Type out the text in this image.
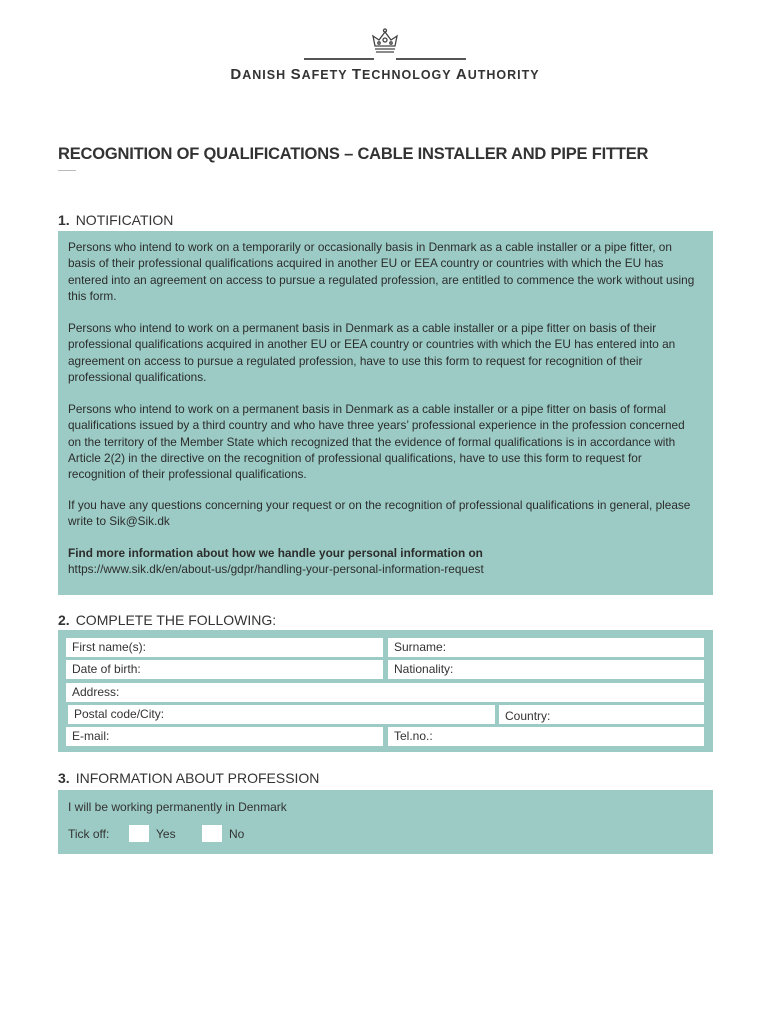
DANISH SAFETY TECHNOLOGY AUTHORITY
RECOGNITION OF QUALIFICATIONS – CABLE INSTALLER AND PIPE FITTER
1. NOTIFICATION
Persons who intend to work on a temporarily or occasionally basis in Denmark as a cable installer or a pipe fitter, on basis of their professional qualifications acquired in another EU or EEA country or countries with which the EU has entered into an agreement on access to pursue a regulated profession, are entitled to commence the work without using this form.
Persons who intend to work on a permanent basis in Denmark as a cable installer or a pipe fitter on basis of their professional qualifications acquired in another EU or EEA country or countries with which the EU has entered into an agreement on access to pursue a regulated profession, have to use this form to request for recognition of their professional qualifications.
Persons who intend to work on a permanent basis in Denmark as a cable installer or a pipe fitter on basis of formal qualifications issued by a third country and who have three years’ professional experience in the profession concerned on the territory of the Member State which recognized that the evidence of formal qualifications is in accordance with Article 2(2) in the directive on the recognition of professional qualifications, have to use this form to request for recognition of their professional qualifications.
If you have any questions concerning your request or on the recognition of professional qualifications in general, please write to Sik@Sik.dk
Find more information about how we handle your personal information on
https://www.sik.dk/en/about-us/gdpr/handling-your-personal-information-request
2. COMPLETE THE FOLLOWING:
First name(s):	Surname:
Date of birth:	Nationality:
Address:
Postal code/City:	Country:
E-mail:	Tel.no.:
3. INFORMATION ABOUT PROFESSION
I will be working permanently in Denmark
Tick off:	Yes	No
